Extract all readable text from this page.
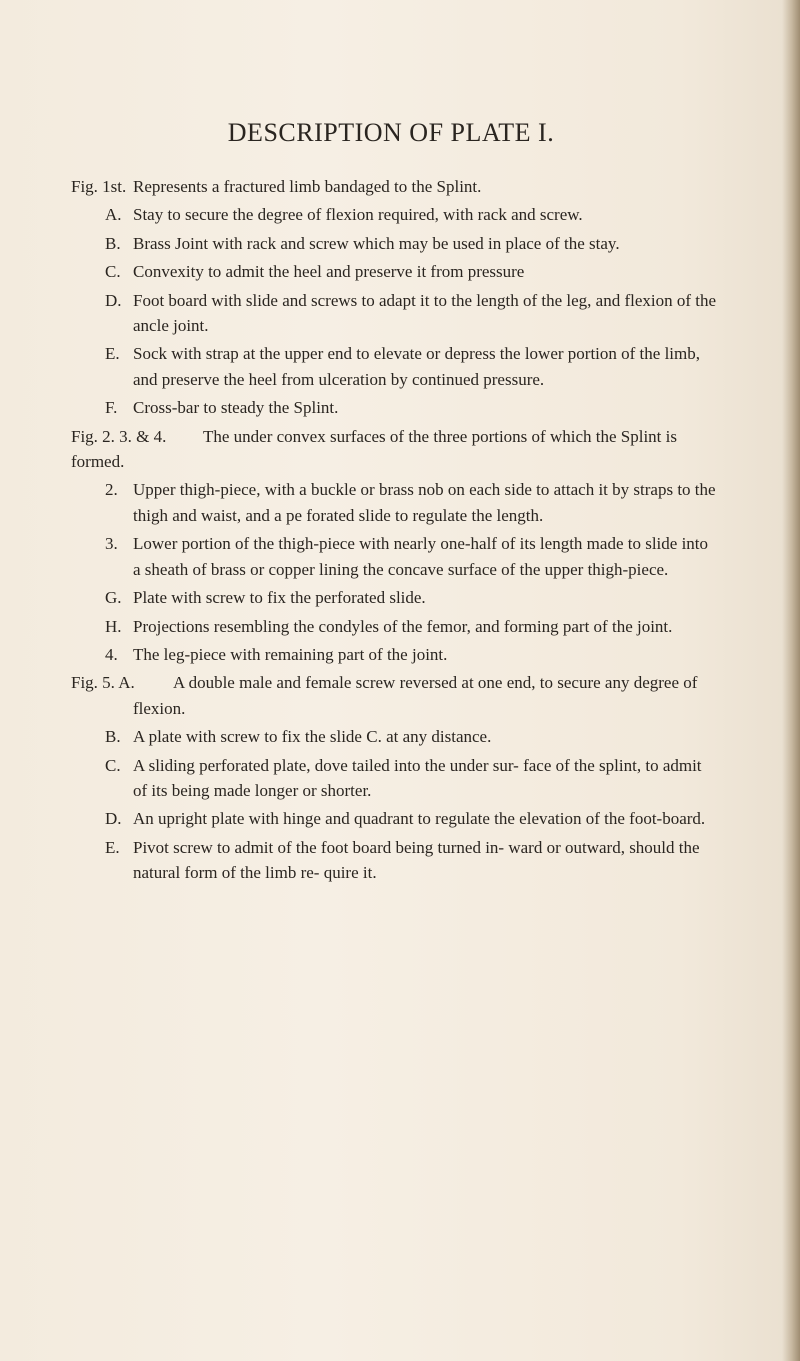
DESCRIPTION OF PLATE I.
Fig. 1st. Represents a fractured limb bandaged to the Splint.
A. Stay to secure the degree of flexion required, with rack and screw.
B. Brass Joint with rack and screw which may be used in place of the stay.
C. Convexity to admit the heel and preserve it from pressure
D. Foot board with slide and screws to adapt it to the length of the leg, and flexion of the ancle joint.
E. Sock with strap at the upper end to elevate or depress the lower portion of the limb, and preserve the heel from ulceration by continued pressure.
F. Cross-bar to steady the Splint.
Fig. 2. 3. & 4.	The under convex surfaces of the three portions of which the Splint is formed.
2. Upper thigh-piece, with a buckle or brass nob on each side to attach it by straps to the thigh and waist, and a pe forated slide to regulate the length.
3. Lower portion of the thigh-piece with nearly one-half of its length made to slide into a sheath of brass or copper lining the concave surface of the upper thigh-piece.
G. Plate with screw to fix the perforated slide.
H. Projections resembling the condyles of the femor, and forming part of the joint.
4. The leg-piece with remaining part of the joint.
Fig. 5. A.	A double male and female screw reversed at one end, to secure any degree of flexion.
B. A plate with screw to fix the slide C. at any distance.
C. A sliding perforated plate, dove tailed into the under sur- face of the splint, to admit of its being made longer or shorter.
D. An upright plate with hinge and quadrant to regulate the elevation of the foot-board.
E. Pivot screw to admit of the foot board being turned in- ward or outward, should the natural form of the limb re- quire it.
